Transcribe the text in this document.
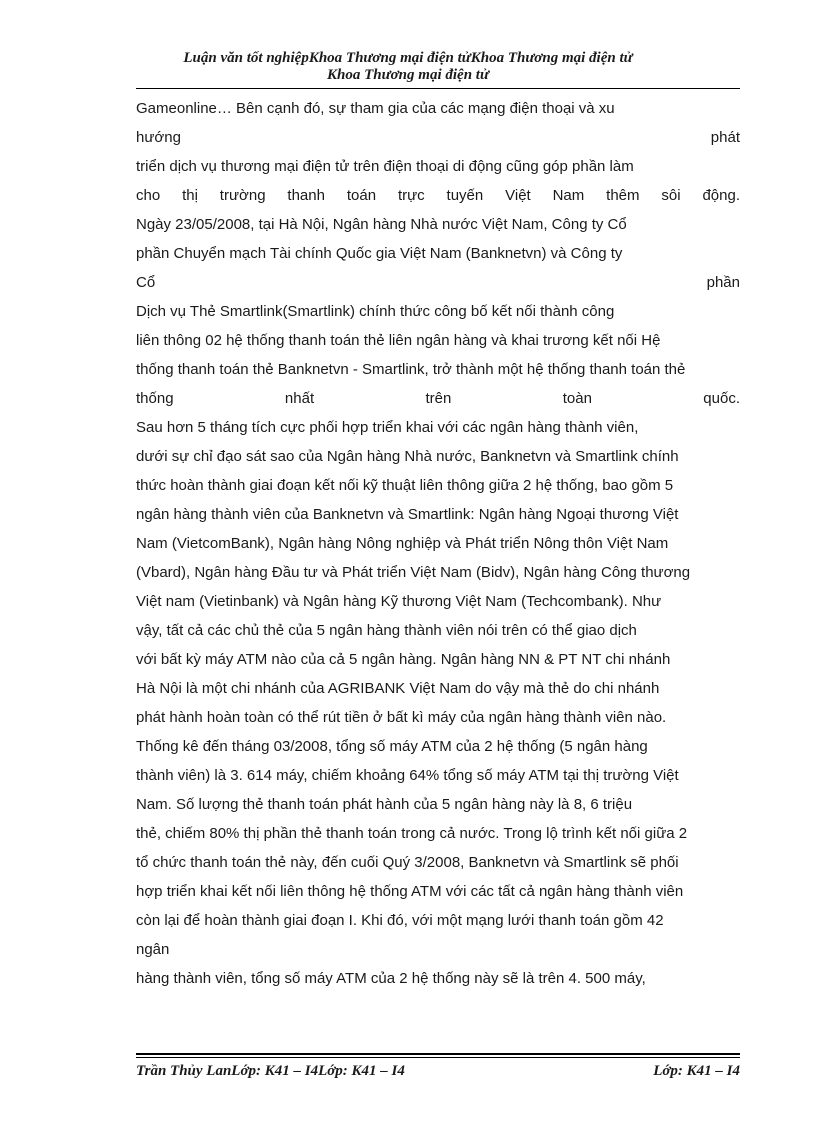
Luận văn tốt nghiệpKhoa Thương mại điện tửKhoa Thương mại điện tử
Khoa Thương mại điện tử
Gameonline… Bên cạnh đó, sự tham gia của các mạng điện thoại và xu
hướng	phát
triển dịch vụ thương mại điện tử trên điện thoại di động cũng góp phần làm
cho thị trường thanh toán trực tuyến Việt Nam thêm sôi động.
Ngày 23/05/2008, tại Hà Nội, Ngân hàng Nhà nước Việt Nam, Công ty Cổ
phần Chuyển mạch Tài chính Quốc gia Việt Nam (Banknetvn) và Công ty
Cổ	phần
Dịch vụ Thẻ Smartlink(Smartlink) chính thức công bố kết nối thành công
liên thông 02 hệ thống thanh toán thẻ liên ngân hàng và khai trương kết nối Hệ
thống thanh toán thẻ Banknetvn - Smartlink, trở thành một hệ thống thanh toán thẻ
thống nhất trên toàn quốc.
Sau hơn 5 tháng tích cực phối hợp triển khai với các ngân hàng thành viên,
dưới sự chỉ đạo sát sao của Ngân hàng Nhà nước, Banknetvn và Smartlink chính
thức hoàn thành giai đoạn kết nối kỹ thuật liên thông giữa 2 hệ thống, bao gồm 5
ngân hàng thành viên của Banknetvn và Smartlink: Ngân hàng Ngoại thương Việt
Nam (VietcomBank), Ngân hàng Nông nghiệp và Phát triển Nông thôn Việt Nam
(Vbard), Ngân hàng Đầu tư và Phát triển Việt Nam (Bidv), Ngân hàng Công thương
Việt nam (Vietinbank) và Ngân hàng Kỹ thương Việt Nam (Techcombank). Như
vậy, tất cả các chủ thẻ của 5 ngân hàng thành viên nói trên có thể giao dịch
với bất kỳ máy ATM nào của cả 5 ngân hàng. Ngân hàng NN & PT NT chi nhánh
Hà Nội là một chi nhánh của AGRIBANK Việt Nam do vậy mà thẻ do chi nhánh
phát hành hoàn toàn có thể rút tiền ở bất kì máy của ngân hàng thành viên nào.
Thống kê đến tháng 03/2008, tổng số máy ATM của 2 hệ thống (5 ngân hàng
thành viên) là 3. 614 máy, chiếm khoảng 64% tổng số máy ATM tại thị trường Việt
Nam. Số lượng thẻ thanh toán phát hành của 5 ngân hàng này là 8, 6 triệu
thẻ, chiếm 80% thị phần thẻ thanh toán trong cả nước. Trong lộ trình kết nối giữa 2
tổ chức thanh toán thẻ này, đến cuối Quý 3/2008, Banknetvn và Smartlink sẽ phối
hợp triển khai kết nối liên thông hệ thống ATM với các tất cả ngân hàng thành viên
còn lại để hoàn thành giai đoạn I. Khi đó, với một mạng lưới thanh toán gồm 42
ngân
hàng thành viên, tổng số máy ATM của 2 hệ thống này sẽ là trên 4. 500 máy,
Trần Thủy LanLớp: K41 – I4Lớp: K41 – I4	Lớp: K41 – I4
